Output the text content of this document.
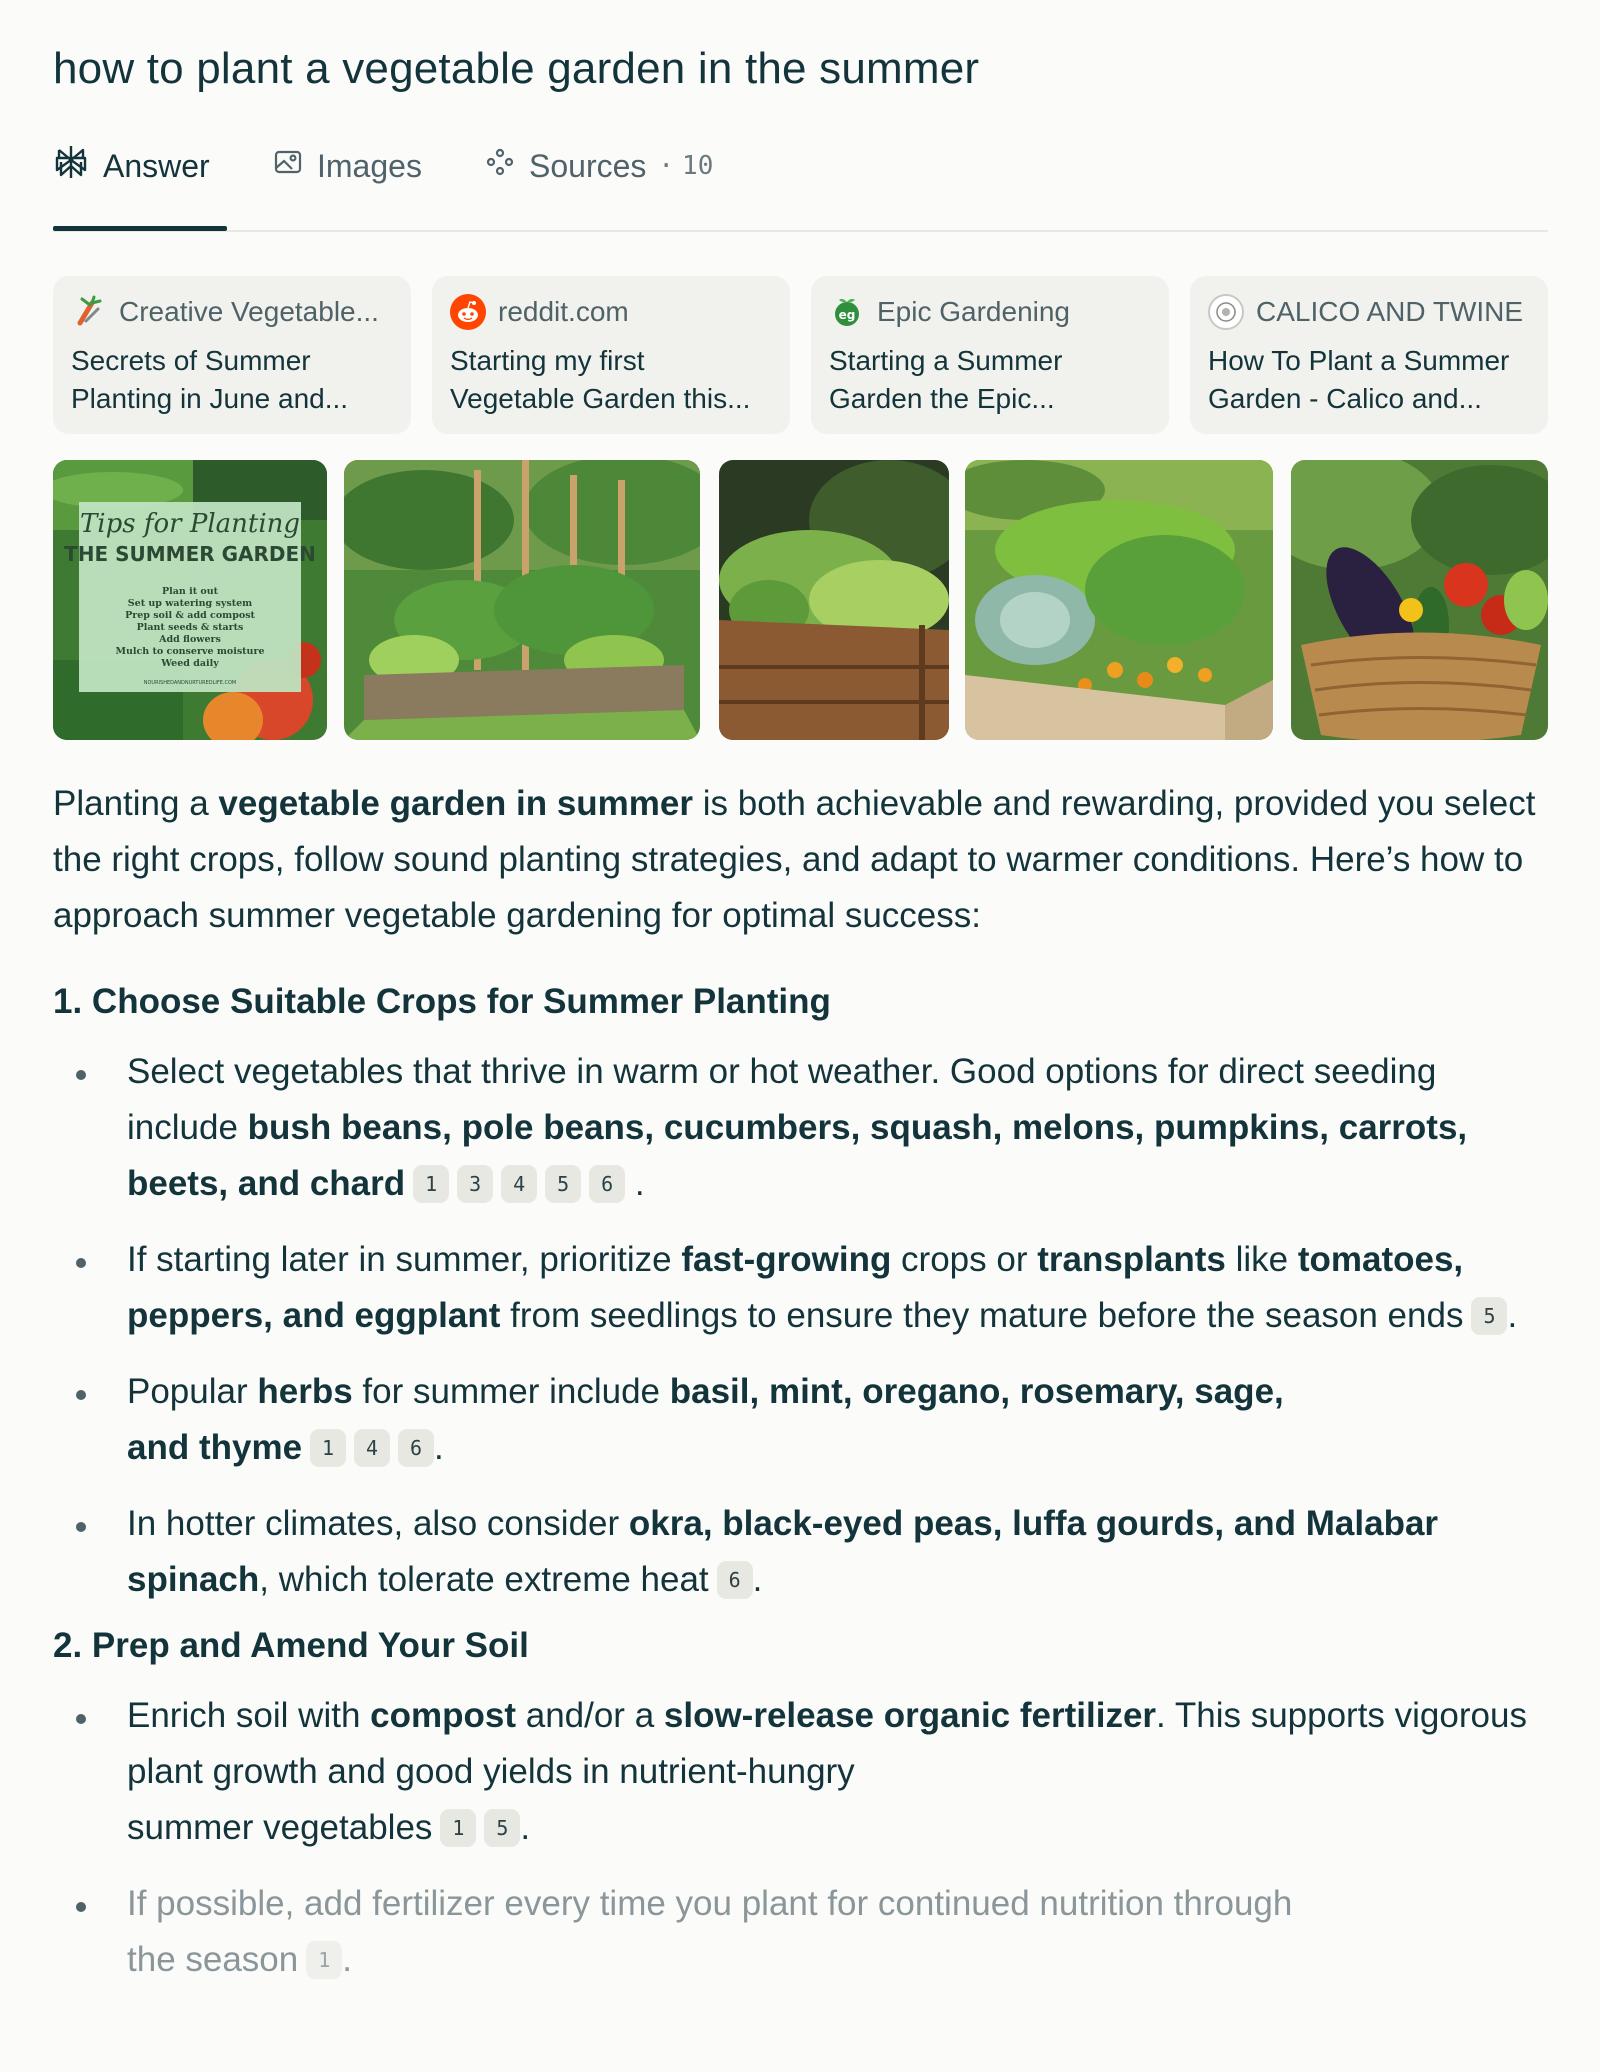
how to plant a vegetable garden in the summer
Answer	Images	Sources · 10
Creative Vegetable...
Secrets of Summer Planting in June and...
reddit.com
Starting my first Vegetable Garden this...
eg Epic Gardening
Starting a Summer Garden the Epic...
CALICO AND TWINE
How To Plant a Summer Garden - Calico and...
Tips for Planting
THE SUMMER GARDEN
Plan it out
Set up watering system
Prep soil & add compost
Plant seeds & starts
Add flowers
Mulch to conserve moisture
Weed daily
NOURISHEDANDNURTUREDLIFE.COM

Planting a vegetable garden in summer is both achievable and rewarding, provided you select the right crops, follow sound planting strategies, and adapt to warmer conditions. Here’s how to approach summer vegetable gardening for optimal success:

1. Choose Suitable Crops for Summer Planting
Select vegetables that thrive in warm or hot weather. Good options for direct seeding include bush beans, pole beans, cucumbers, squash, melons, pumpkins, carrots, beets, and chard 1 3 4 5 6 .
If starting later in summer, prioritize fast-growing crops or transplants like tomatoes, peppers, and eggplant from seedlings to ensure they mature before the season ends 5 .
Popular herbs for summer include basil, mint, oregano, rosemary, sage,
and thyme 1 4 6 .
In hotter climates, also consider okra, black-eyed peas, luffa gourds, and Malabar spinach, which tolerate extreme heat 6 .
2. Prep and Amend Your Soil
Enrich soil with compost and/or a slow-release organic fertilizer. This supports vigorous plant growth and good yields in nutrient-hungry
summer vegetables 1 5 .
If possible, add fertilizer every time you plant for continued nutrition through
the season 1 .
